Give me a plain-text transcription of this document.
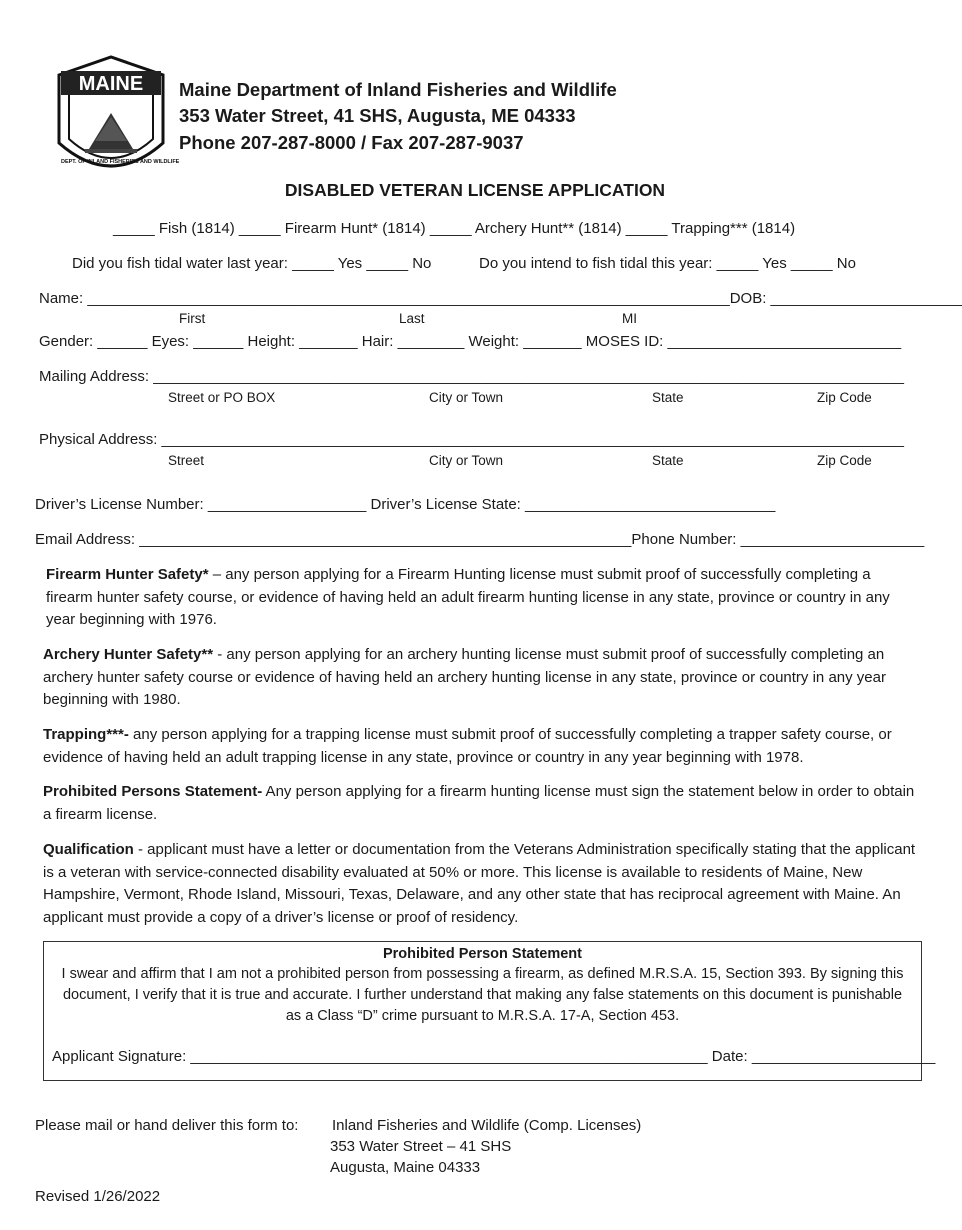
MAINE
DEPT. OF INLAND FISHERIES AND WILDLIFE
Maine Department of Inland Fisheries and Wildlife
353 Water Street, 41 SHS, Augusta, ME 04333
Phone 207-287-8000 / Fax 207-287-9037
DISABLED VETERAN LICENSE APPLICATION
_____ Fish (1814) _____ Firearm Hunt* (1814) _____ Archery Hunt** (1814) _____ Trapping*** (1814)
Did you fish tidal water last year: _____ Yes _____ No	Do you intend to fish tidal this year: _____ Yes _____ No
Name: _____________________________________________________________________________DOB: _______________________
First	Last	MI
Gender: ______ Eyes: ______ Height: _______ Hair: ________ Weight: _______ MOSES ID: ____________________________
Mailing Address: __________________________________________________________________________________________
Street or PO BOX	City or Town	State	Zip Code
Physical Address: _________________________________________________________________________________________
Street	City or Town	State	Zip Code
Driver’s License Number: ___________________ Driver’s License State: ______________________________
Email Address: ___________________________________________________________Phone Number: ______________________
Firearm Hunter Safety* – any person applying for a Firearm Hunting license must submit proof of successfully completing a firearm hunter safety course, or evidence of having held an adult firearm hunting license in any state, province or country in any year beginning with 1976.
Archery Hunter Safety** - any person applying for an archery hunting license must submit proof of successfully completing an archery hunter safety course or evidence of having held an archery hunting license in any state, province or country in any year beginning with 1980.
Trapping***- any person applying for a trapping license must submit proof of successfully completing a trapper safety course, or evidence of having held an adult trapping license in any state, province or country in any year beginning with 1978.
Prohibited Persons Statement- Any person applying for a firearm hunting license must sign the statement below in order to obtain a firearm license.
Qualification - applicant must have a letter or documentation from the Veterans Administration specifically stating that the applicant is a veteran with service-connected disability evaluated at 50% or more. This license is available to residents of Maine, New Hampshire, Vermont, Rhode Island, Missouri, Texas, Delaware, and any other state that has reciprocal agreement with Maine. An applicant must provide a copy of a driver’s license or proof of residency.
Prohibited Person Statement
I swear and affirm that I am not a prohibited person from possessing a firearm, as defined M.R.S.A. 15, Section 393. By signing this document, I verify that it is true and accurate. I further understand that making any false statements on this document is punishable as a Class “D” crime pursuant to M.R.S.A. 17-A, Section 453.
Applicant Signature: ______________________________________________________________ Date: ______________________
Please mail or hand deliver this form to: Inland Fisheries and Wildlife (Comp. Licenses)
353 Water Street – 41 SHS
Augusta, Maine 04333
Revised 1/26/2022
